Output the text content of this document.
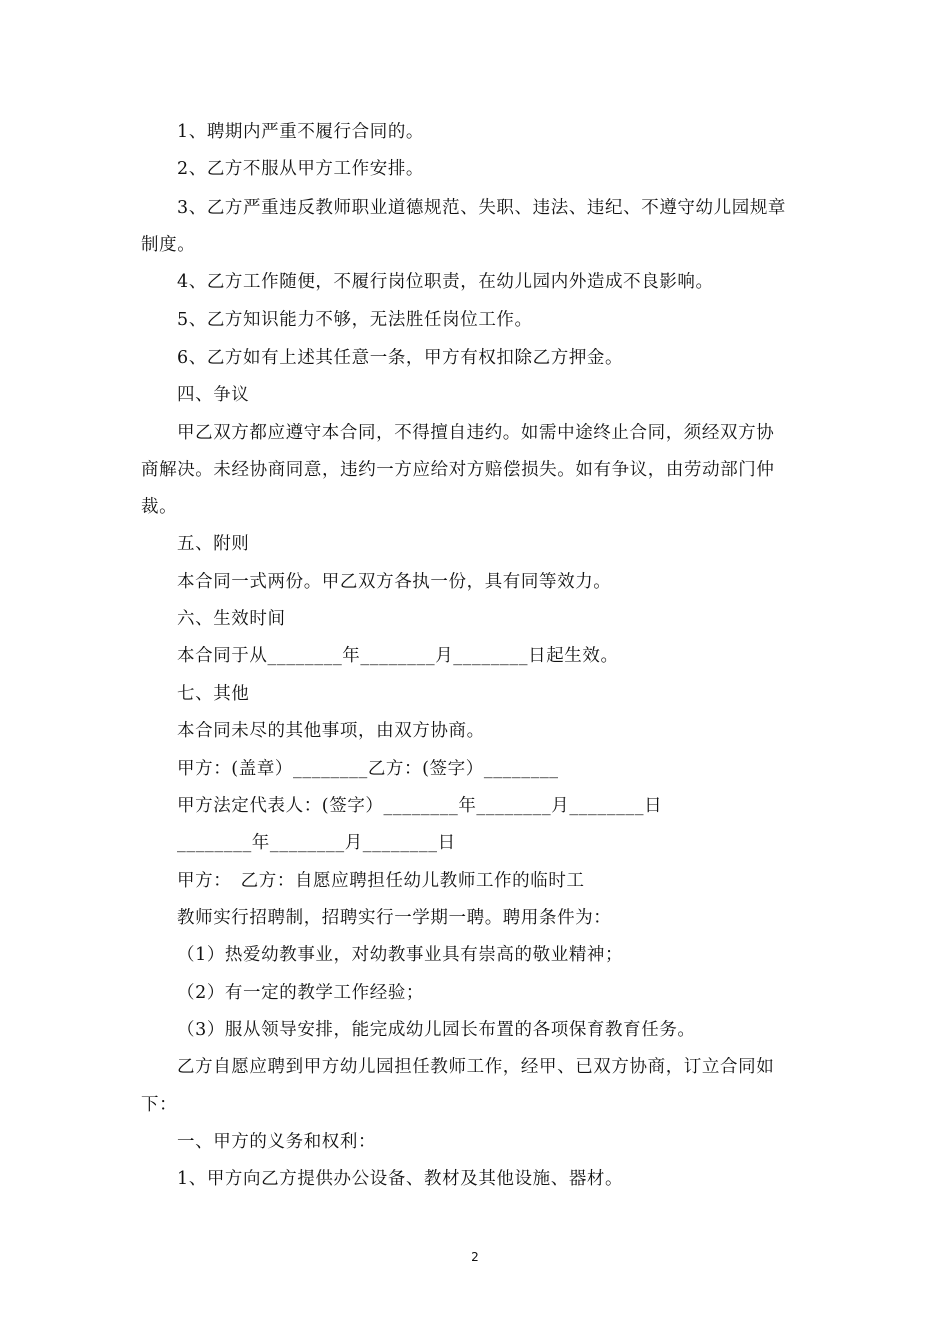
1、聘期内严重不履行合同的。
2、乙方不服从甲方工作安排。
3、乙方严重违反教师职业道德规范、失职、违法、违纪、不遵守幼儿园规章
制度。
4、乙方工作随便，不履行岗位职责，在幼儿园内外造成不良影响。
5、乙方知识能力不够，无法胜任岗位工作。
6、乙方如有上述其任意一条，甲方有权扣除乙方押金。
四、争议
甲乙双方都应遵守本合同，不得擅自违约。如需中途终止合同，须经双方协
商解决。未经协商同意，违约一方应给对方赔偿损失。如有争议，由劳动部门仲
裁。
五、附则
本合同一式两份。甲乙双方各执一份，具有同等效力。
六、生效时间
本合同于从________年________月________日起生效。
七、其他
本合同未尽的其他事项，由双方协商。
甲方：(盖章）________乙方：(签字）________
甲方法定代表人：(签字）________年________月________日
________年________月________日
甲方：　乙方：自愿应聘担任幼儿教师工作的临时工
教师实行招聘制，招聘实行一学期一聘。聘用条件为：
（1）热爱幼教事业，对幼教事业具有崇高的敬业精神；
（2）有一定的教学工作经验；
（3）服从领导安排，能完成幼儿园长布置的各项保育教育任务。
乙方自愿应聘到甲方幼儿园担任教师工作，经甲、已双方协商，订立合同如
下：
一、甲方的义务和权利：
1、甲方向乙方提供办公设备、教材及其他设施、器材。
2
